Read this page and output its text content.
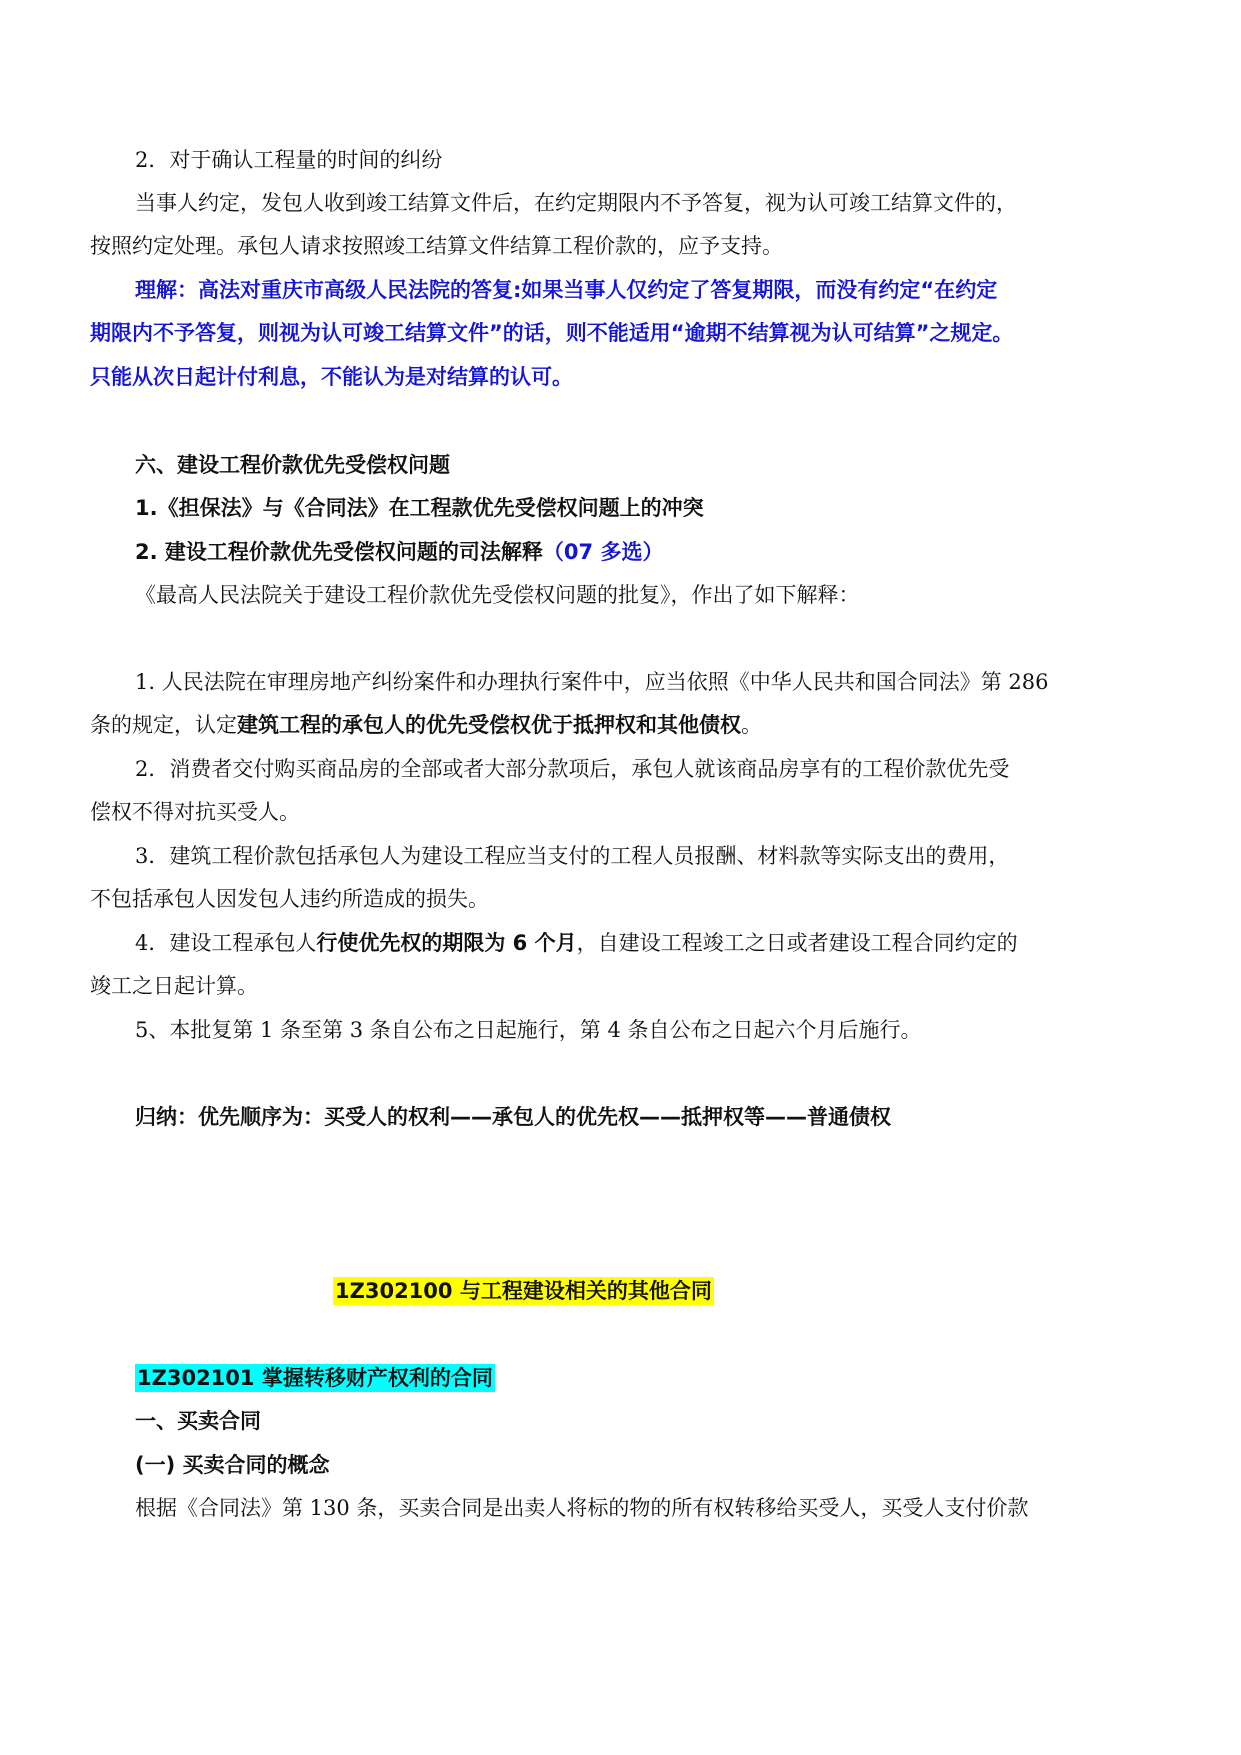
2．对于确认工程量的时间的纠纷
当事人约定，发包人收到竣工结算文件后，在约定期限内不予答复，视为认可竣工结算文件的，
按照约定处理。承包人请求按照竣工结算文件结算工程价款的，应予支持。
理解：高法对重庆市高级人民法院的答复:如果当事人仅约定了答复期限，而没有约定“在约定
期限内不予答复，则视为认可竣工结算文件”的话，则不能适用“逾期不结算视为认可结算”之规定。
只能从次日起计付利息，不能认为是对结算的认可。
六、建设工程价款优先受偿权问题
1.《担保法》与《合同法》在工程款优先受偿权问题上的冲突
2. 建设工程价款优先受偿权问题的司法解释（07 多选）
《最高人民法院关于建设工程价款优先受偿权问题的批复》，作出了如下解释：
1. 人民法院在审理房地产纠纷案件和办理执行案件中，应当依照《中华人民共和国合同法》第 286
条的规定，认定建筑工程的承包人的优先受偿权优于抵押权和其他债权。
2．消费者交付购买商品房的全部或者大部分款项后，承包人就该商品房享有的工程价款优先受
偿权不得对抗买受人。
3．建筑工程价款包括承包人为建设工程应当支付的工程人员报酬、材料款等实际支出的费用，
不包括承包人因发包人违约所造成的损失。
4．建设工程承包人行使优先权的期限为 6 个月，自建设工程竣工之日或者建设工程合同约定的
竣工之日起计算。
5、本批复第 1 条至第 3 条自公布之日起施行，第 4 条自公布之日起六个月后施行。
归纳：优先顺序为：买受人的权利——承包人的优先权——抵押权等——普通债权
1Z302100 与工程建设相关的其他合同
1Z302101 掌握转移财产权利的合同
一、买卖合同
(一) 买卖合同的概念
根据《合同法》第 130 条，买卖合同是出卖人将标的物的所有权转移给买受人，买受人支付价款
